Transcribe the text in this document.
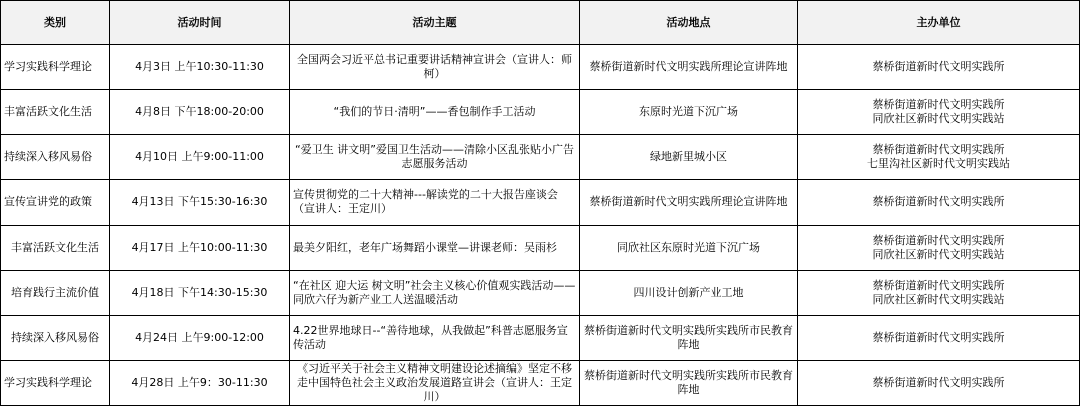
类别	活动时间	活动主题	活动地点	主办单位
学习实践科学理论	4月3日 上午10:30-11:30	全国两会习近平总书记重要讲话精神宣讲会（宣讲人：师柯）	蔡桥街道新时代文明实践所理论宣讲阵地	蔡桥街道新时代文明实践所

丰富活跃文化生活	4月8日 下午18:00-20:00	“我们的节日·清明”——香包制作手工活动	东原时光道下沉广场	蔡桥街道新时代文明实践所
同欣社区新时代文明实践站

持续深入移风易俗	4月10日 上午9:00-11:00	“爱卫生 讲文明”爱国卫生活动——清除小区乱张贴小广告志愿服务活动	绿地新里城小区	蔡桥街道新时代文明实践所
七里沟社区新时代文明实践站

宣传宣讲党的政策	4月13日 下午15:30-16:30	宣传贯彻党的二十大精神---解读党的二十大报告座谈会（宣讲人：王定川）	蔡桥街道新时代文明实践所理论宣讲阵地	蔡桥街道新时代文明实践所

丰富活跃文化生活	4月17日 上午10:00-11:30	最美夕阳红，老年广场舞蹈小课堂—讲课老师：吴雨杉	同欣社区东原时光道下沉广场	蔡桥街道新时代文明实践所
同欣社区新时代文明实践站

培育践行主流价值	4月18日 下午14:30-15:30	“在社区 迎大运 树文明”社会主义核心价值观实践活动——同欣六仔为新产业工人送温暖活动	四川设计创新产业工地	蔡桥街道新时代文明实践所
同欣社区新时代文明实践站

持续深入移风易俗	4月24日 上午9:00-12:00	4.22世界地球日--“善待地球，从我做起”科普志愿服务宣传活动	蔡桥街道新时代文明实践所实践所市民教育阵地	蔡桥街道新时代文明实践所

学习实践科学理论	4月28日 上午9：30-11:30	《习近平关于社会主义精神文明建设论述摘编》坚定不移走中国特色社会主义政治发展道路宣讲会（宣讲人：王定川）	蔡桥街道新时代文明实践所实践所市民教育阵地	蔡桥街道新时代文明实践所
